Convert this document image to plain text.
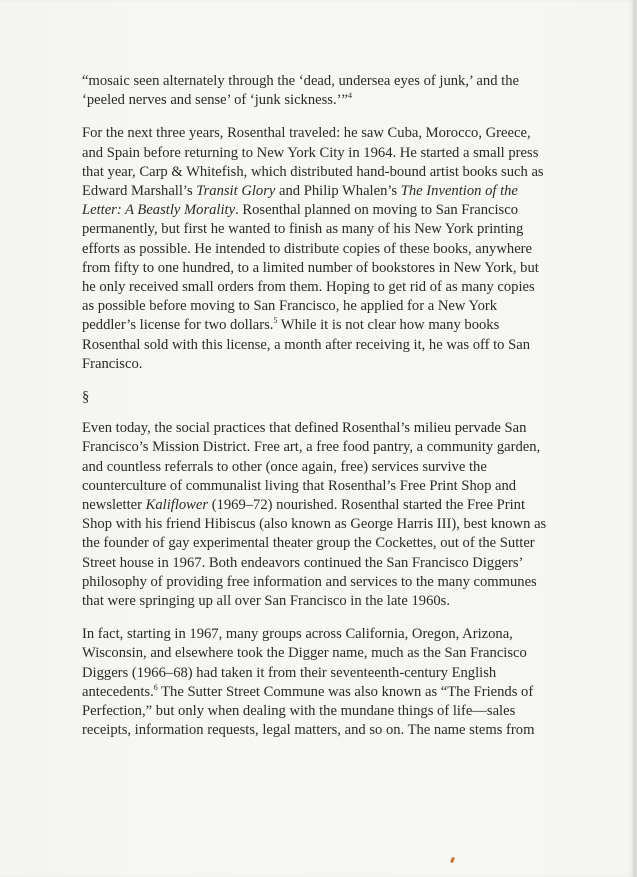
“mosaic seen alternately through the ‘dead, undersea eyes of junk,’ and the
‘peeled nerves and sense’ of ‘junk sickness.’”$^4$

For the next three years, Rosenthal traveled: he saw Cuba, Morocco, Greece,
and Spain before returning to New York City in 1964. He started a small press
that year, Carp & Whitefish, which distributed hand-bound artist books such as
Edward Marshall’s Transit Glory and Philip Whalen’s The Invention of the
Letter: A Beastly Morality. Rosenthal planned on moving to San Francisco
permanently, but first he wanted to finish as many of his New York printing
efforts as possible. He intended to distribute copies of these books, anywhere
from fifty to one hundred, to a limited number of bookstores in New York, but
he only received small orders from them. Hoping to get rid of as many copies
as possible before moving to San Francisco, he applied for a New York
peddler’s license for two dollars.$^5$ While it is not clear how many books
Rosenthal sold with this license, a month after receiving it, he was off to San
Francisco.

§

Even today, the social practices that defined Rosenthal’s milieu pervade San
Francisco’s Mission District. Free art, a free food pantry, a community garden,
and countless referrals to other (once again, free) services survive the
counterculture of communalist living that Rosenthal’s Free Print Shop and
newsletter Kaliflower (1969–72) nourished. Rosenthal started the Free Print
Shop with his friend Hibiscus (also known as George Harris III), best known as
the founder of gay experimental theater group the Cockettes, out of the Sutter
Street house in 1967. Both endeavors continued the San Francisco Diggers’
philosophy of providing free information and services to the many communes
that were springing up all over San Francisco in the late 1960s.

In fact, starting in 1967, many groups across California, Oregon, Arizona,
Wisconsin, and elsewhere took the Digger name, much as the San Francisco
Diggers (1966–68) had taken it from their seventeenth-century English
antecedents.$^6$ The Sutter Street Commune was also known as “The Friends of
Perfection,” but only when dealing with the mundane things of life—sales
receipts, information requests, legal matters, and so on. The name stems from
